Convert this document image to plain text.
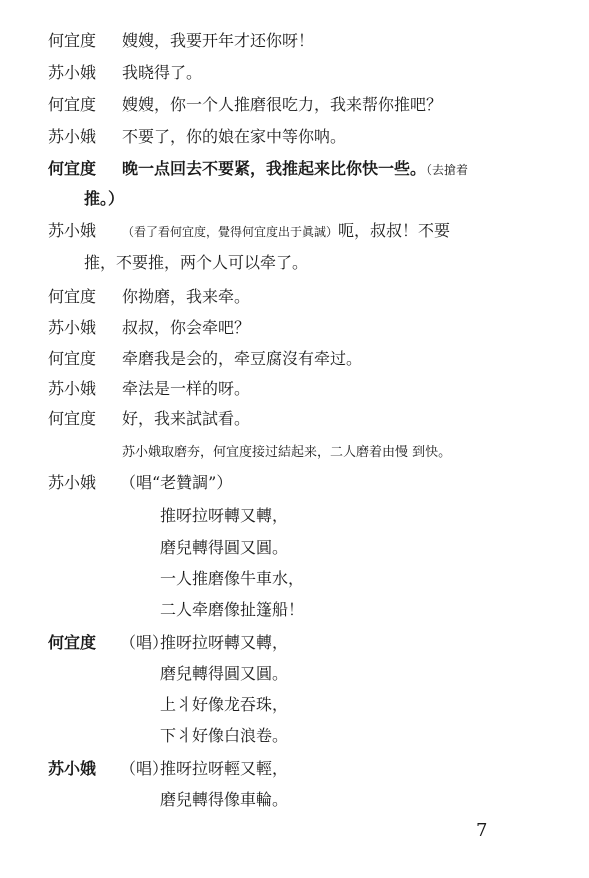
何宜度 嫂嫂，我要开年才还你呀！
苏小娥 我晓得了。
何宜度 嫂嫂，你一个人推磨很吃力，我来帮你推吧？
苏小娥 不要了，你的娘在家中等你呐。
何宜度 晚一点回去不要紧，我推起来比你快一些。（去搶着
推。）
苏小娥 （看了看何宜度，覺得何宜度出于眞誠）呃，叔叔！不要
推，不要推，两个人可以牵了。
何宜度 你拗磨，我来牵。
苏小娥 叔叔，你会牵吧？
何宜度 牵磨我是会的，牵豆腐沒有牵过。
苏小娥 牵法是一样的呀。
何宜度 好，我来試試看。
苏小娥取磨夯，何宜度接过結起来，二人磨着由慢 到快。
苏小娥 （唱“老贊調”）
推呀拉呀轉又轉，
磨兒轉得圓又圓。
一人推磨像牛車水，
二人牵磨像扯篷船！
何宜度 （唱）
推呀拉呀轉又轉，
磨兒轉得圓又圓。
上丬好像龙吞珠，
下丬好像白浪卷。
苏小娥 （唱）
推呀拉呀輕又輕，
磨兒轉得像車輪。
7
